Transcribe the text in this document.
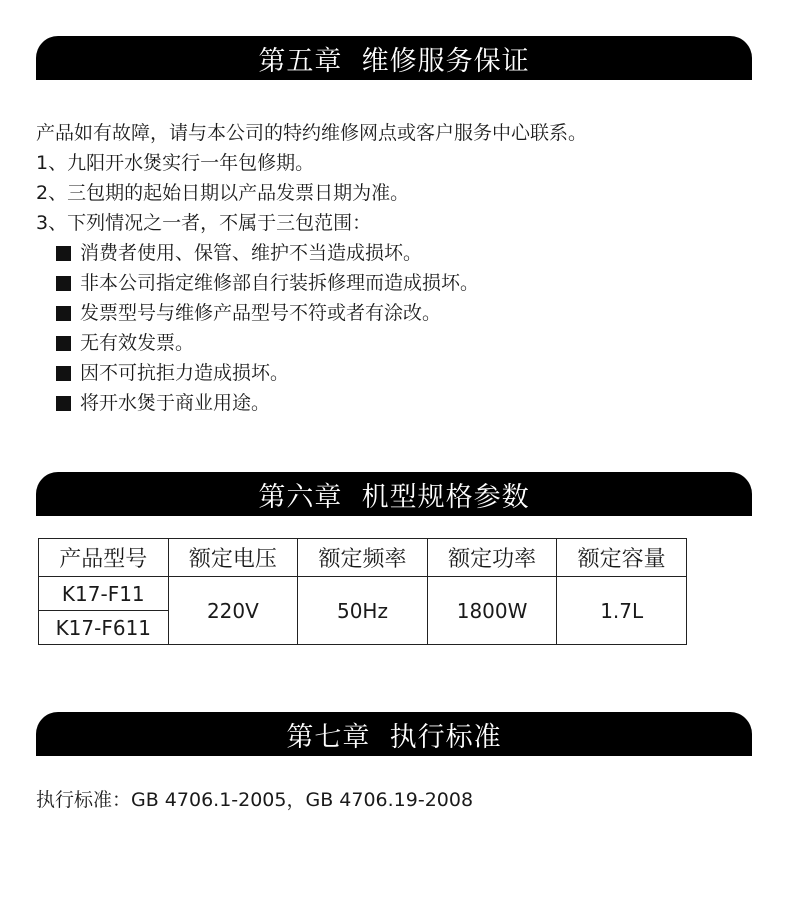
第五章  维修服务保证
产品如有故障，请与本公司的特约维修网点或客户服务中心联系。
1、九阳开水煲实行一年包修期。
2、三包期的起始日期以产品发票日期为准。
3、下列情况之一者，不属于三包范围：
消费者使用、保管、维护不当造成损坏。
非本公司指定维修部自行装拆修理而造成损坏。
发票型号与维修产品型号不符或者有涂改。
无有效发票。
因不可抗拒力造成损坏。
将开水煲于商业用途。
第六章  机型规格参数
产品型号	额定电压	额定频率	额定功率	额定容量
K17-F11	220V	50Hz	1800W	1.7L
K17-F611				
第七章  执行标准
执行标准：GB 4706.1-2005，GB 4706.19-2008
